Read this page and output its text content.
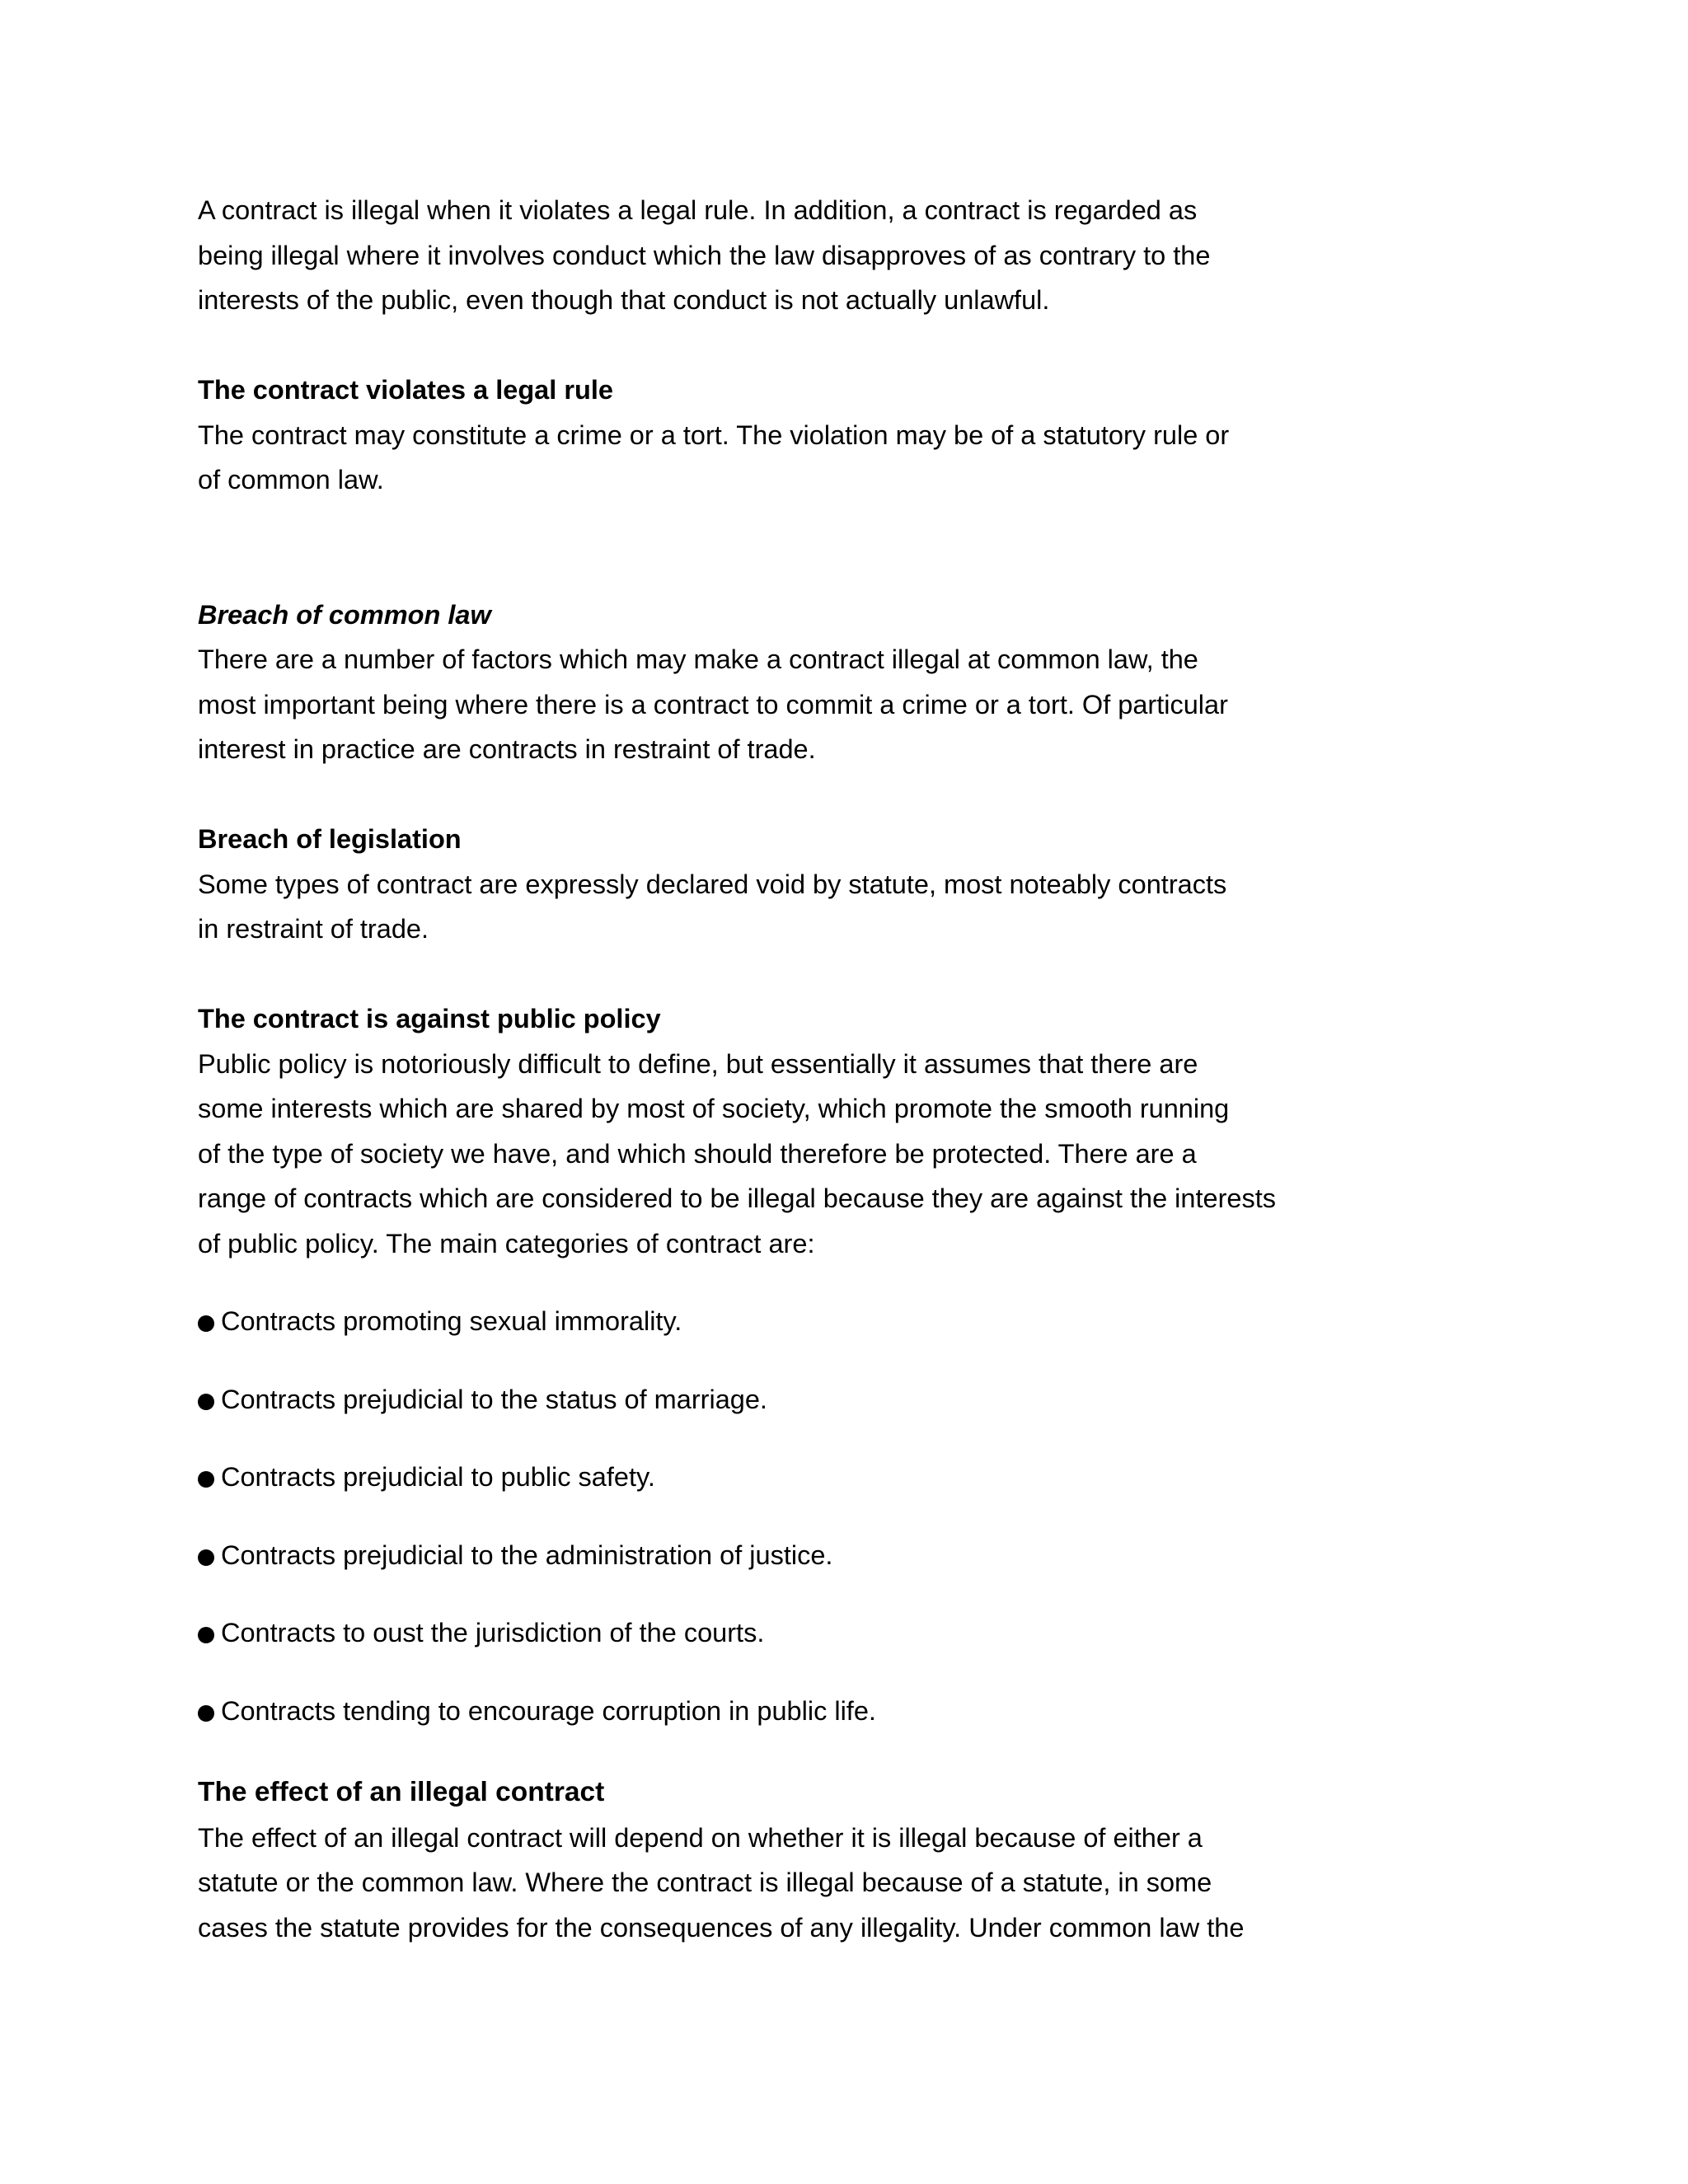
A contract is illegal when it violates a legal rule. In addition, a contract is regarded as
being illegal where it involves conduct which the law disapproves of as contrary to the
interests of the public, even though that conduct is not actually unlawful.
The contract violates a legal rule
The contract may constitute a crime or a tort. The violation may be of a statutory rule or
of common law.
Breach of common law
There are a number of factors which may make a contract illegal at common law, the
most important being where there is a contract to commit a crime or a tort. Of particular
interest in practice are contracts in restraint of trade.
Breach of legislation
Some types of contract are expressly declared void by statute, most noteably contracts
in restraint of trade.
The contract is against public policy
Public policy is notoriously difficult to define, but essentially it assumes that there are
some interests which are shared by most of society, which promote the smooth running
of the type of society we have, and which should therefore be protected. There are a
range of contracts which are considered to be illegal because they are against the interests
of public policy. The main categories of contract are:
Contracts promoting sexual immorality.
Contracts prejudicial to the status of marriage.
Contracts prejudicial to public safety.
Contracts prejudicial to the administration of justice.
Contracts to oust the jurisdiction of the courts.
Contracts tending to encourage corruption in public life.
The effect of an illegal contract
The effect of an illegal contract will depend on whether it is illegal because of either a
statute or the common law. Where the contract is illegal because of a statute, in some
cases the statute provides for the consequences of any illegality. Under common law the
